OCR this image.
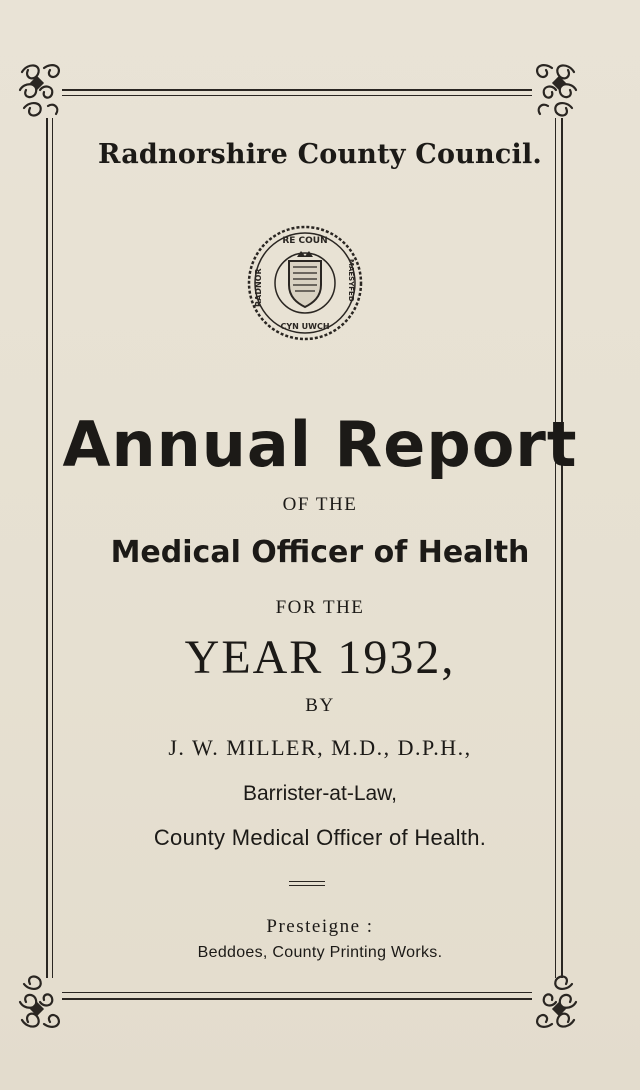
Radnorshire County Council.
RE COUN
RADNOR	MAESYFED
CYN UWCH
Annual Report
OF THE
Medical Officer of Health
FOR THE
YEAR 1932,
BY
J. W. MILLER, M.D., D.P.H.,
Barrister-at-Law,
County Medical Officer of Health.
Presteigne :
Beddoes, County Printing Works.
